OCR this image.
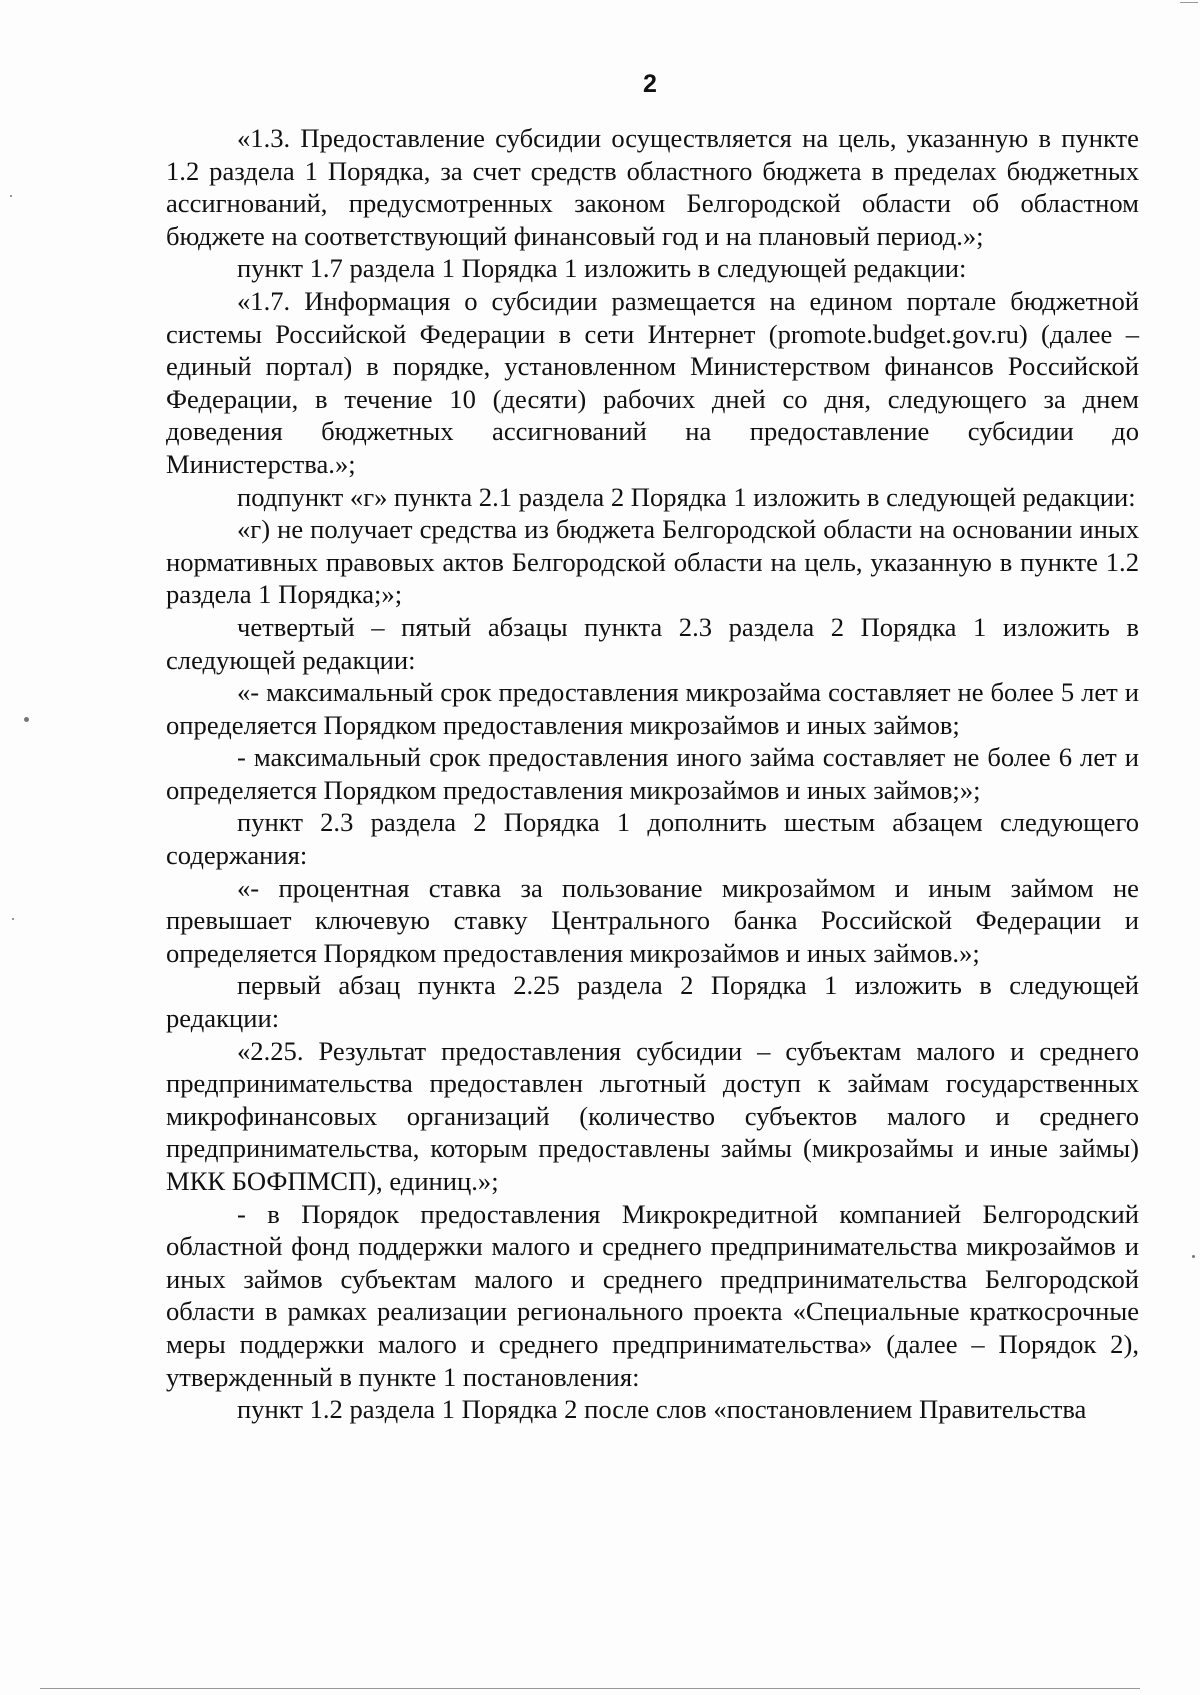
2

«1.3. Предоставление субсидии осуществляется на цель, указанную в пункте 1.2 раздела 1 Порядка, за счет средств областного бюджета в пределах бюджетных ассигнований, предусмотренных законом Белгородской области об областном бюджете на соответствующий финансовый год и на плановый период.»;

пункт 1.7 раздела 1 Порядка 1 изложить в следующей редакции:

«1.7. Информация о субсидии размещается на едином портале бюджетной системы Российской Федерации в сети Интернет (promote.budget.gov.ru) (далее – единый портал) в порядке, установленном Министерством финансов Российской Федерации, в течение 10 (десяти) рабочих дней со дня, следующего за днем доведения бюджетных ассигнований на предоставление субсидии до Министерства.»;

подпункт «г» пункта 2.1 раздела 2 Порядка 1 изложить в следующей редакции:

«г) не получает средства из бюджета Белгородской области на основании иных нормативных правовых актов Белгородской области на цель, указанную в пункте 1.2 раздела 1 Порядка;»;

четвертый – пятый абзацы пункта 2.3 раздела 2 Порядка 1 изложить в следующей редакции:

«- максимальный срок предоставления микрозайма составляет не более 5 лет и определяется Порядком предоставления микрозаймов и иных займов;

- максимальный срок предоставления иного займа составляет не более 6 лет и определяется Порядком предоставления микрозаймов и иных займов;»;

пункт 2.3 раздела 2 Порядка 1 дополнить шестым абзацем следующего содержания:

«- процентная ставка за пользование микрозаймом и иным займом не превышает ключевую ставку Центрального банка Российской Федерации и определяется Порядком предоставления микрозаймов и иных займов.»;

первый абзац пункта 2.25 раздела 2 Порядка 1 изложить в следующей редакции:

«2.25. Результат предоставления субсидии – субъектам малого и среднего предпринимательства предоставлен льготный доступ к займам государственных микрофинансовых организаций (количество субъектов малого и среднего предпринимательства, которым предоставлены займы (микрозаймы и иные займы) МКК БОФПМСП), единиц.»;

- в Порядок предоставления Микрокредитной компанией Белгородский областной фонд поддержки малого и среднего предпринимательства микрозаймов и иных займов субъектам малого и среднего предпринимательства Белгородской области в рамках реализации регионального проекта «Специальные краткосрочные меры поддержки малого и среднего предпринимательства» (далее – Порядок 2), утвержденный в пункте 1 постановления:

пункт 1.2 раздела 1 Порядка 2 после слов «постановлением Правительства
